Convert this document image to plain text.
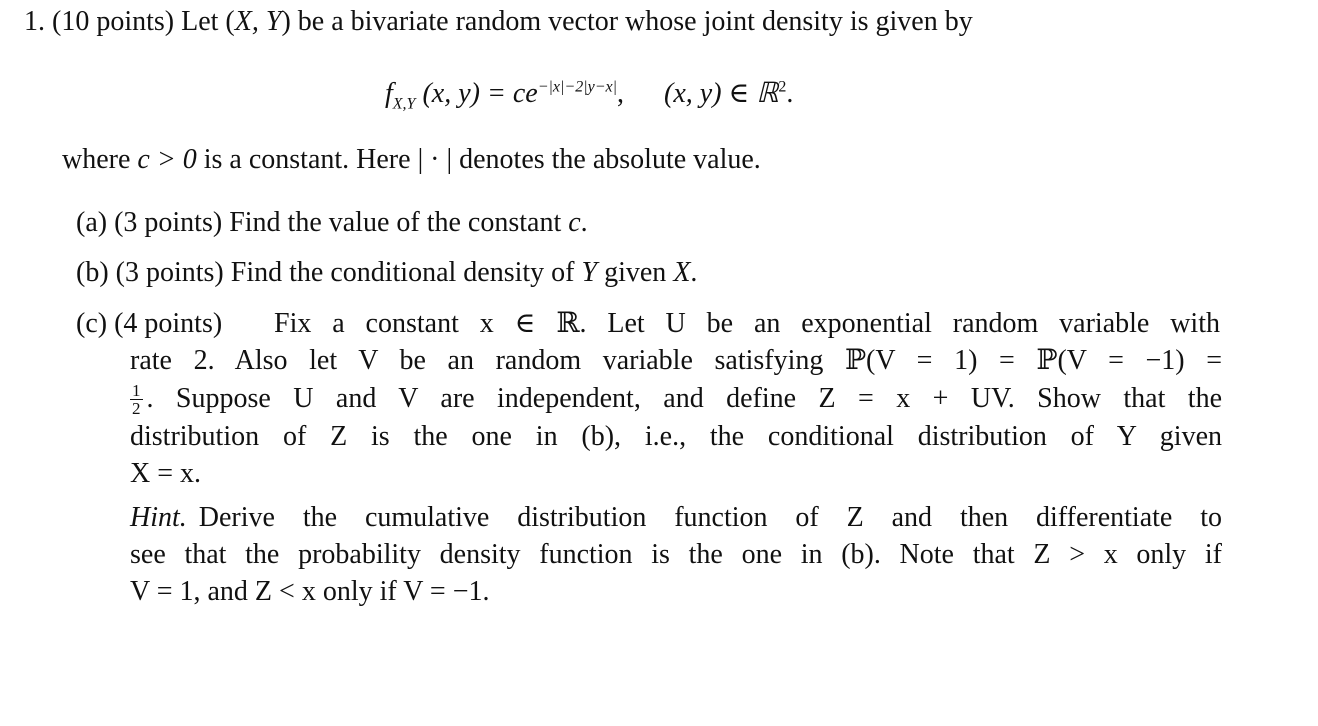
1. (10 points) Let (X, Y) be a bivariate random vector whose joint density is given by
$f_{X,Y}$ (x, $y) = ce^{-|x|-2|y-x|}$, (x, y) ∈ ℝ$^2$.
where c > 0 is a constant. Here | · | denotes the absolute value.
(a) (3 points) Find the value of the constant c.
(b) (3 points) Find the conditional density of Y given X.
(c) (4 points) Fix a constant x ∈ ℝ. Let U be an exponential random variable with
rate 2. Also let V be an random variable satisfying ℙ(V = 1) = ℙ(V = −1) =
$\frac{1}{2}$ . Suppose U and V are independent, and define Z = x + UV. Show that the
distribution of Z is the one in (b), i.e., the conditional distribution of Y given
X = x.
Hint. Derive the cumulative distribution function of Z and then differentiate to
see that the probability density function is the one in (b). Note that Z > x only if
V = 1, and Z < x only if V = −1.
